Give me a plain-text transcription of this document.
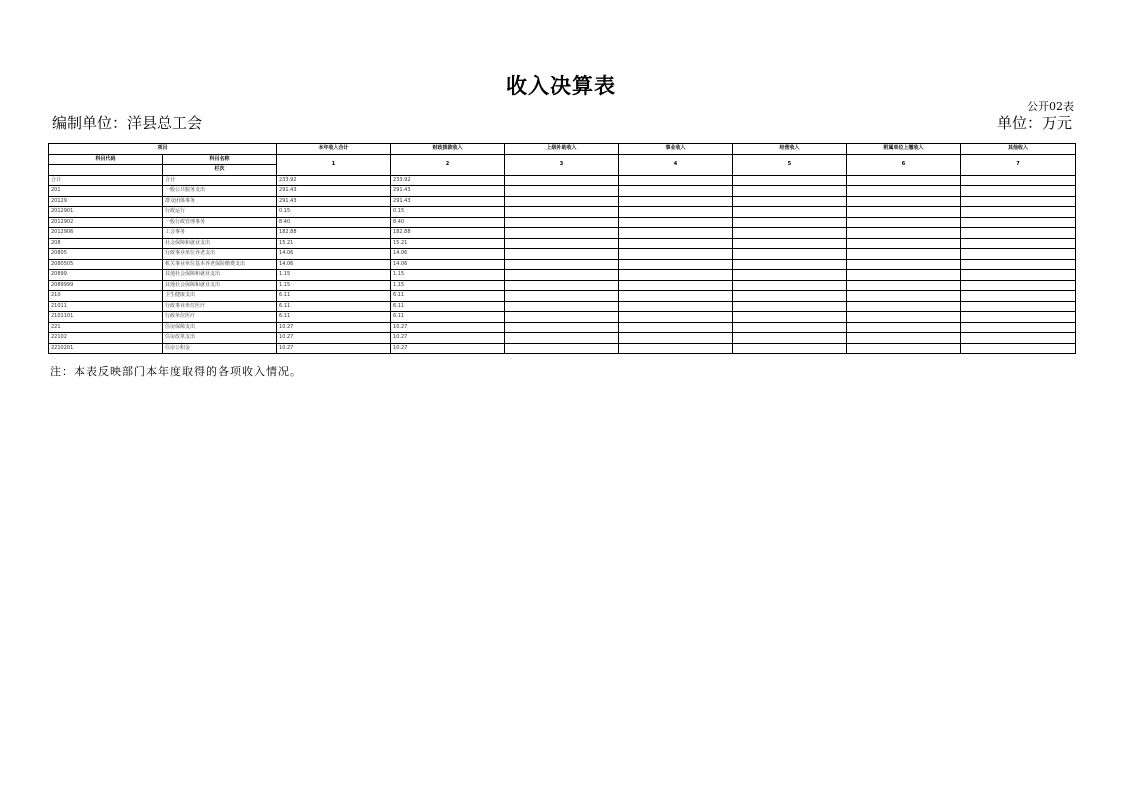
收入决算表
公开02表
编制单位：洋县总工会	单位：万元
项目		本年收入合计	财政拨款收入	上级补助收入	事业收入	经营收入	附属单位上缴收入	其他收入
科目代码	科目名称	1	2	3	4	5	6	7
	栏次							
合计	合计	233.92	233.92					
201	一般公共服务支出	291.43	291.43					
20129	群众团体事务	291.43	291.43					
2012901	行政运行	0.15	0.15					
2012902	一般行政管理事务	8.40	8.40					
2012906	工会事务	182.88	182.88					
208	社会保障和就业支出	15.21	15.21					
20805	行政事业单位养老支出	14.06	14.06					
2080505	机关事业单位基本养老保险缴费支出	14.06	14.06					
20899	其他社会保障和就业支出	1.15	1.15					
2089999	其他社会保障和就业支出	1.15	1.15					
210	卫生健康支出	6.11	6.11					
21011	行政事业单位医疗	6.11	6.11					
2101101	行政单位医疗	6.11	6.11					
221	住房保障支出	10.27	10.27					
22102	住房改革支出	10.27	10.27					
2210201	住房公积金	10.27	10.27					
注：本表反映部门本年度取得的各项收入情况。
